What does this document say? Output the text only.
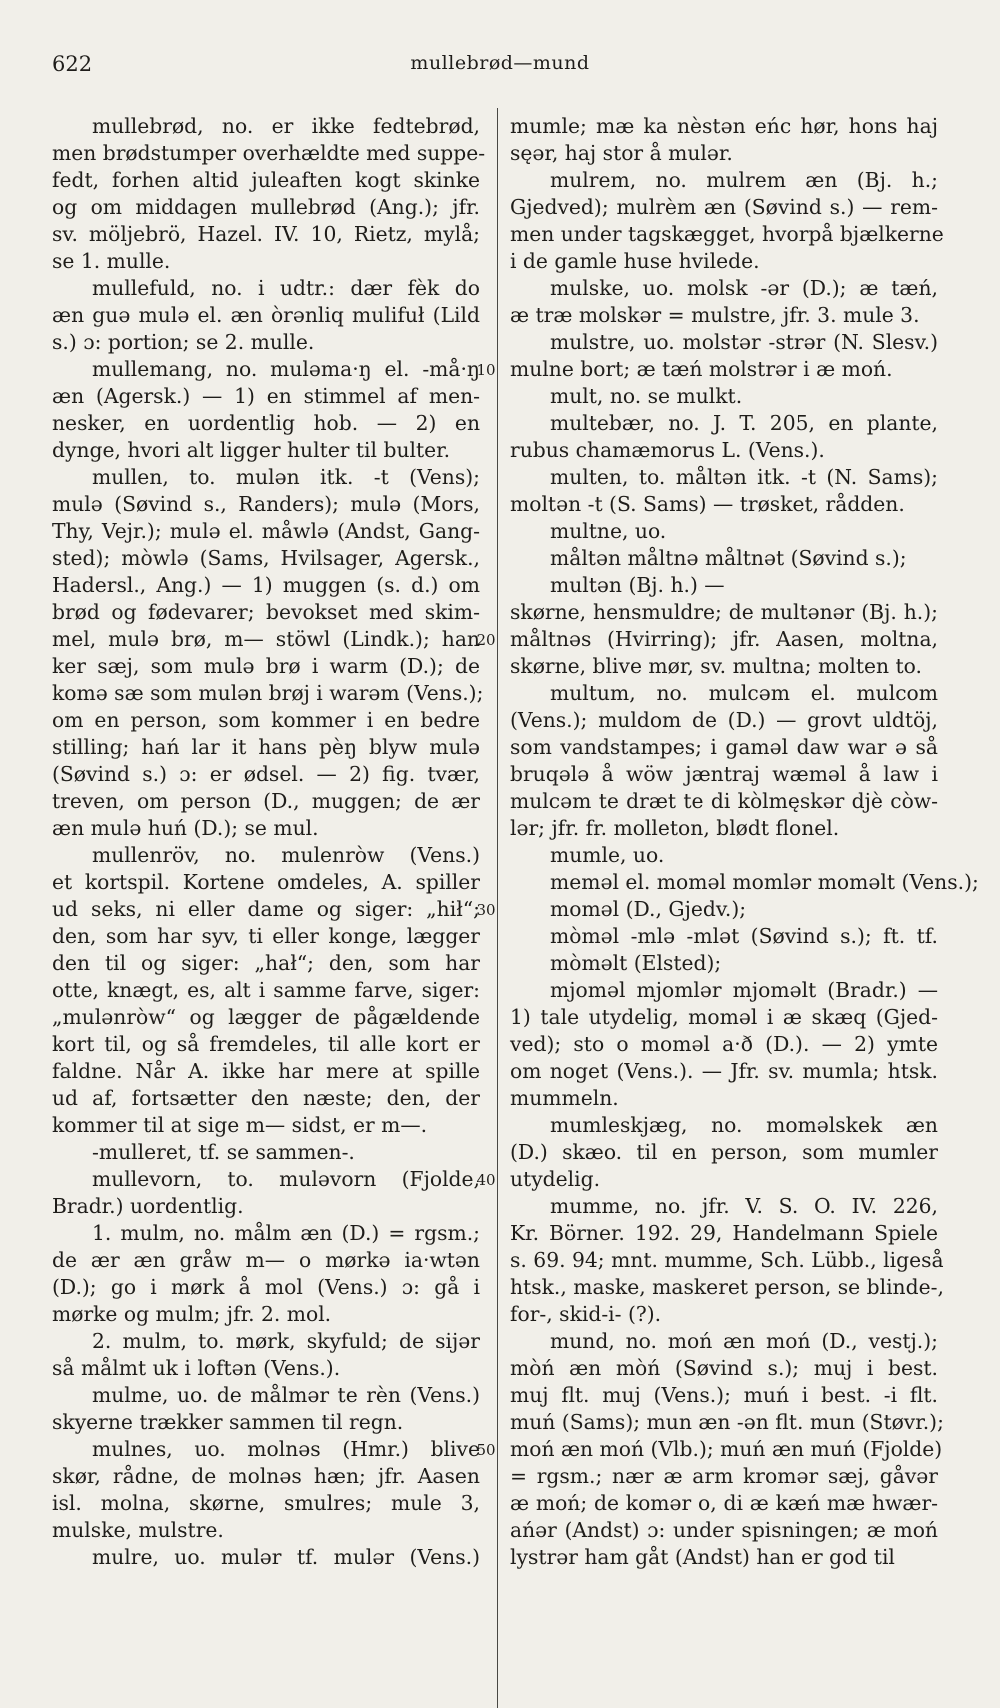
622	mullebrød—mund
mullebrød, no. er ikke fedtebrød,
men brødstumper overhældte med suppe-
fedt, forhen altid juleaften kogt skinke
og om middagen mullebrød (Ang.); jfr.
sv. möljebrö, Hazel. IV. 10, Rietz, mylå;
se 1. mulle.
mullefuld, no. i udtr.: dær fèk do
æn guə mulə el. æn òrənliq mulifuł (Lild
s.) ɔ: portion; se 2. mulle.
mullemang, no. mulǝma·ŋ el. -må·ŋ
æn (Agersk.) — 1) en stimmel af men-
nesker, en uordentlig hob. — 2) en
dynge, hvori alt ligger hulter til bulter.
mullen, to. mulən itk. -t (Vens);
mulə (Søvind s., Randers); mulə (Mors,
Thy, Vejr.); mulə el. måwlə (Andst, Gang-
sted); mòwlə (Sams, Hvilsager, Agersk.,
Hadersl., Ang.) — 1) muggen (s. d.) om
brød og fødevarer; bevokset med skim-
mel, mulə brø, m— stöwl (Lindk.); han
ker sæj, som mulə brø i warm (D.); de
komə sæ som mulən brøj i warəm (Vens.);
om en person, som kommer i en bedre
stilling; hań lar it hans pèŋ blyw mulə
(Søvind s.) ɔ: er ødsel. — 2) fig. tvær,
treven, om person (D., muggen; de ær
æn mulə huń (D.); se mul.
mullenröv, no. mulenròw (Vens.)
et kortspil. Kortene omdeles, A. spiller
ud seks, ni eller dame og siger: „hił“;
den, som har syv, ti eller konge, lægger
den til og siger: „hał“; den, som har
otte, knægt, es, alt i samme farve, siger:
„mulənròw“ og lægger de pågældende
kort til, og så fremdeles, til alle kort er
faldne. Når A. ikke har mere at spille
ud af, fortsætter den næste; den, der
kommer til at sige m— sidst, er m—.
-mulleret, tf. se sammen-.
mullevorn, to. muləvorn (Fjolde,
Bradr.) uordentlig.
1. mulm, no. målm æn (D.) = rgsm.;
de ær æn gråw m— o mørkə ia·wtən
(D.); go i mørk å mol (Vens.) ɔ: gå i
mørke og mulm; jfr. 2. mol.
2. mulm, to. mørk, skyfuld; de sijər
så målmt uk i loftən (Vens.).
mulme, uo. de målmər te rèn (Vens.)
skyerne trækker sammen til regn.
mulnes, uo. molnəs (Hmr.) blive
skør, rådne, de molnəs hæn; jfr. Aasen
isl. molna, skørne, smulres; mule 3,
mulske, mulstre.
mulre, uo. mulər tf. mulər (Vens.)
10
20
30
40
50
mumle; mæ ka nèstən eńc hør, hons haj
sęər, haj stor å mulər.
mulrem, no. mulrem æn (Bj. h.;
Gjedved); mulrèm æn (Søvind s.) — rem-
men under tagskægget, hvorpå bjælkerne
i de gamle huse hvilede.
mulske, uo. molsk -ər (D.); æ tæń,
æ træ molskər = mulstre, jfr. 3. mule 3.
mulstre, uo. molstər -strər (N. Slesv.)
mulne bort; æ tæń molstrər i æ moń.
mult, no. se mulkt.
multebær, no. J. T. 205, en plante,
rubus chamæmorus L. (Vens.).
multen, to. måltən itk. -t (N. Sams);
moltən -t (S. Sams) — trøsket, rådden.
multne, uo.
måltən måltnə måltnət (Søvind s.);
multən (Bj. h.) —
skørne, hensmuldre; de multənər (Bj. h.);
måltnəs (Hvirring); jfr. Aasen, moltna,
skørne, blive mør, sv. multna; molten to.
multum, no. mulcəm el. mulcom
(Vens.); muldom de (D.) — grovt uldtöj,
som vandstampes; i gaməl daw war ə så
bruqələ å wöw jæntraj wæməl å law i
mulcəm te dræt te di kòlmęskər djè còw-
lər; jfr. fr. molleton, blødt flonel.
mumle, uo.
meməl el. moməl momlər momǝlt (Vens.);
moməl (D., Gjedv.);
mòməl -mlə -mlət (Søvind s.); ft. tf.
mòməlt (Elsted);
mjoməl mjomlər mjoməlt (Bradr.) —
1) tale utydelig, moməl i æ skæq (Gjed-
ved); sto o moməl a·ð (D.). — 2) ymte
om noget (Vens.). — Jfr. sv. mumla; htsk.
mummeln.
mumleskjæg, no. moməlskek æn
(D.) skæo. til en person, som mumler
utydelig.
mumme, no. jfr. V. S. O. IV. 226,
Kr. Börner. 192. 29, Handelmann Spiele
s. 69. 94; mnt. mumme, Sch. Lübb., ligeså
htsk., maske, maskeret person, se blinde-,
for-, skid-i- (?).
mund, no. moń æn moń (D., vestj.);
mòń æn mòń (Søvind s.); muj i best.
muj flt. muj (Vens.); muń i best. -i flt.
muń (Sams); mun æn -ən flt. mun (Støvr.);
moń æn moń (Vlb.); muń æn muń (Fjolde)
= rgsm.; nær æ arm kromər sæj, gåvər
æ moń; de komər o, di æ kæń mæ hwær-
ańər (Andst) ɔ: under spisningen; æ moń
lystrər ham gåt (Andst) han er god til
